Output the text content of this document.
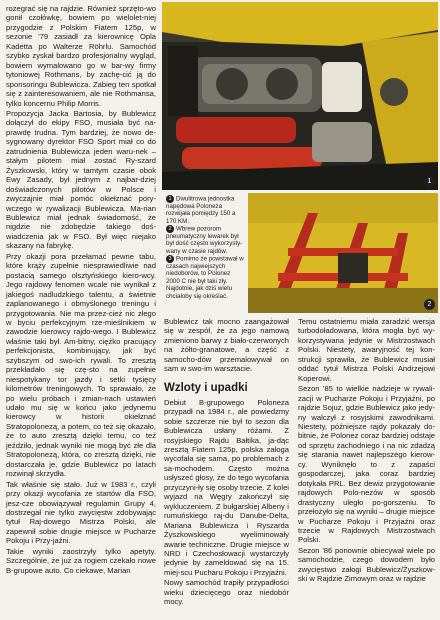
rozegrać się na rajdzie. Również sprzęto-wo gonił czołówkę, bowiem po wielolet-niej przygodzie z Polskim Fiatem 125p, w sezonie '79 zasiadł za kierownicę Opla Kadetta po Walterze Röhrlu. Samochód szybko zyskał bardzo profesjonalny wygląd, bowiem wymalowano go w bar-wy firmy tytoniowej Rothmans, by zachę-cić ją do sponsoringu Bublewicza. Zabieg ten spotkał się z zainteresowaniem, ale nie Rothmansa, tylko koncernu Philip Morris.

Propozycja Jacka Bartosia, by Bublewicz dołączył do ekipy FSO, musiała być na-prawdę trudna. Tym bardziej, że nowo de-sygnowany dyrektor FSO Sport miał co do zatrudnienia Bublewicza jeden waru-nek – stałym pilotem miał zostać Ry-szard Żyszkowski, który w tamtym czasie obok Ewy Zasady, był jednym z najbar-dziej doświadczonych pilotów w Polsce i zwyczajnie miał pomóc okiełznać pory-wczego w rywalizacji Bublewicza. Ma-rian Bublewicz miał jednak świadomość, że nigdzie nie zdobędzie takiego doś-wiadczenia jak w FSO. Był więc niejako skazany na fabrykę.

Przy okazji pora przełamać pewne tabu, które krąży zupełnie niesprawiedliwie nad postacią samego olsztyńskiego kiero-wcy. Jego rajdowy fenomen wcale nie wynikał z jakiegoś nadludzkiego talentu, a świetnie zaplanowanego i obmyślonego treningu i przygotowania. Nie ma przez-cież nic złego w byciu perfekcyjnym rze-mieślnikiem w zawodzie kierowcy rajdo-wego. I Bublewicz właśnie taki był. Am-bitny, ciężko pracujący perfekcjonista, kombinujący, jak być szybszym od swo-ich rywali. To zresztą przekładało się czę-sto na zupełnie niespotykany tor jazdy i setki tysięcy kilometrów treningowych. To sprawiało, że po wielu próbach i zmian-nach ustawień udało mu się w końcu jako jedynemu kierowcy w historii okiełznać Stratopolonezą, a potem, co też się okazało, że to auto zresztą dzięki temu, co też jeździło, jednak wyniki nie mogą być złe dla Stratopolonezą, która, co zresztą dzięki, nie dostarczała je, gdzie Bublewicz po latach rozwinął skrzydła.

Tak właśnie się stało. Już w 1983 r., czyli przy okazji wycofania ze startów dla FSO, jesz-cze obowiązywał regulamin Grupy 4, dostrzegał nie tylko zwycięstw zdobywając tytuł Raj-dowego Mistrza Polski, ale zapewnił sobie drugie miejsce w Pucharze Pokoju i Przy-jaźni.

Takie wyniki zaostrzyły tylko apetyty. Szczególnie, że już za rogiem czekało nowe B-grupowe auto. Co ciekawe, Marian

1
1 Dwulitrowa jednostka napędowa Poloneza rozwijała pomiędzy 150 a 170 KM.
2 Wbrew pozorom pneumatyczny lewarek był był dość często wykorzysty-wany w czasie rajdów.
3 Pomimo że powstawał w czasach najwiejszych niedoborów, to Polonez 2000 C nie był taki zły. Najdotnie, jak dziś wielu chciałoby się określać.
2

Bublewicz tak mocno zaangażował się w zespół, że za jego namową zmieniono barwy z biało-czerwonych na żółto-granatowe, a część z samocho-dów przemalowywał on sam w swo-im warsztacie.

Wzloty i upadki

Debiut B-grupowego Poloneza przypadł na 1984 r., ale powiedzmy sobie szczerze nie był to sezon dla Bublewicza usłany różami. Z rosyjskiego Rajdu Bałtika, ja-dąc zresztą Fiatem 125p, polska załoga wycofała się sama, po problemach z sa-mochodem. Często można usłyszeć głosy, że do tego wycofania przyczyni-ły się osoby trzecie. Z kolei wyjazd na Węgry zakończył się wykluczeniem. Z bułgarskiej Albeny i rumuńskiego raj-du Danube-Delta, Mariana Bublewicza i Ryszarda Żyszkowskiego wyeliminowały awarie techniczne. Drugie miejsce w NRD i Czechosłowacji wystarczyły jedynie by zameldować się na 15. miej-scu Pucharu Pokoju i Przyjaźni.

Nowy samochód trapiły przypadłości wieku dziecięcego oraz niedobór mocy.

Temu ostatniemu miała zaradzić wersja turbodoładowana, która mogła być wy-korzystywana jedynie w Mistrzostwach Polski. Niestety, awaryjność tej kon-strukcji sprawiła, że Bublewicz musiał oddać tytuł Mistrza Polski Andrzejowi Koperowi.

Sezon '85 to wielkie nadzieje w rywali-zacji w Pucharze Pokoju i Przyjaźni, po rajdzie Sojuz, gdzie Bublewicz jako jedy-ny walczył z rosyjskimi zawodnikami. Niestety, późniejsze rajdy pokazały do-bitnie, że Polonez coraz bardziej odstaje od sprzętu zachodniego i na nic zdadzą się starania nawet najlepszego kierow-cy. Wyniknęło to z zapaści gospodarczej, jaka coraz bardziej dotykała PRL. Bez dewiz przygotowanie rajdowych Polo-nezów w sposób drastyczny uległo po-gorszeniu. To przełożyło się na wyniki – drugie miejsce w Pucharze Pokoju i Przyjaźni oraz trzecie w Rajdowych Mistrzostwach Polski.

Sezon '86 ponownie obiecywał wiele po samochodzie, czego dowodem było zwycięstwo załogi Bublewicz/Żyszkow-ski w Rajdzie Zimowym oraz w rajdzie
